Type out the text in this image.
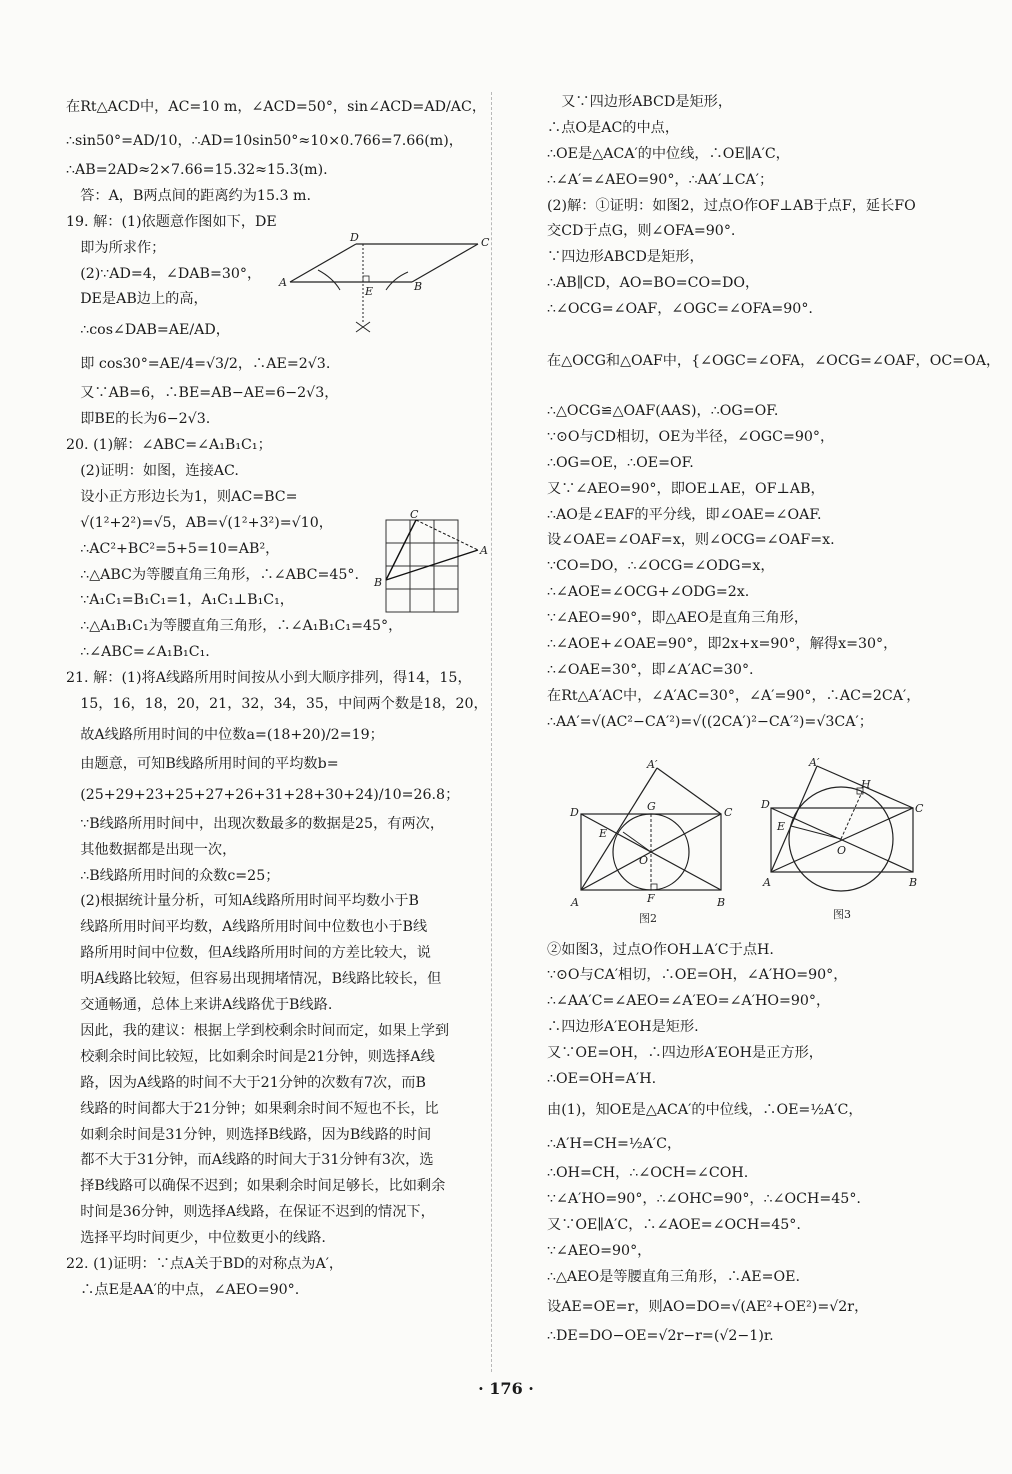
在Rt△ACD中，AC=10 m，∠ACD=50°，sin∠ACD=AD/AC，
∴sin50°=AD/10，∴AD=10sin50°≈10×0.766=7.66(m)，
∴AB=2AD≈2×7.66=15.32≈15.3(m).
答：A，B两点间的距离约为15.3 m.
19. 解：(1)依题意作图如下，DE
即为所求作；
(2)∵AD=4，∠DAB=30°，
DE是AB边上的高，
∴cos∠DAB=AE/AD，
即 cos30°=AE/4=√3/2，∴AE=2√3.
又∵AB=6，∴BE=AB−AE=6−2√3，
即BE的长为6−2√3.
20. (1)解：∠ABC=∠A₁B₁C₁；
(2)证明：如图，连接AC.
设小正方形边长为1，则AC=BC=
√(1²+2²)=√5，AB=√(1²+3²)=√10，
∴AC²+BC²=5+5=10=AB²，
∴△ABC为等腰直角三角形，∴∠ABC=45°.
∵A₁C₁=B₁C₁=1，A₁C₁⊥B₁C₁，
∴△A₁B₁C₁为等腰直角三角形，∴∠A₁B₁C₁=45°，
∴∠ABC=∠A₁B₁C₁.
21. 解：(1)将A线路所用时间按从小到大顺序排列，得14，15，
15，16，18，20，21，32，34，35，中间两个数是18，20，
故A线路所用时间的中位数a=(18+20)/2=19；
由题意，可知B线路所用时间的平均数b=
(25+29+23+25+27+26+31+28+30+24)/10=26.8；
∵B线路所用时间中，出现次数最多的数据是25，有两次，
其他数据都是出现一次，
∴B线路所用时间的众数c=25；
(2)根据统计量分析，可知A线路所用时间平均数小于B
线路所用时间平均数，A线路所用时间中位数也小于B线
路所用时间中位数，但A线路所用时间的方差比较大，说
明A线路比较短，但容易出现拥堵情况，B线路比较长，但
交通畅通，总体上来讲A线路优于B线路.
因此，我的建议：根据上学到校剩余时间而定，如果上学到
校剩余时间比较短，比如剩余时间是21分钟，则选择A线
路，因为A线路的时间不大于21分钟的次数有7次，而B
线路的时间都大于21分钟；如果剩余时间不短也不长，比
如剩余时间是31分钟，则选择B线路，因为B线路的时间
都不大于31分钟，而A线路的时间大于31分钟有3次，选
择B线路可以确保不迟到；如果剩余时间足够长，比如剩余
时间是36分钟，则选择A线路，在保证不迟到的情况下，
选择平均时间更少，中位数更小的线路.
22. (1)证明：∵点A关于BD的对称点为A′，
∴点E是AA′的中点，∠AEO=90°.
D	C
A
E	B
C
A
B
又∵四边形ABCD是矩形，
∴点O是AC的中点，
∴OE是△ACA′的中位线，∴OE∥A′C，
∴∠A′=∠AEO=90°，∴AA′⊥CA′；
(2)解：①证明：如图2，过点O作OF⊥AB于点F，延长FO
交CD于点G，则∠OFA=90°.
∵四边形ABCD是矩形，
∴AB∥CD，AO=BO=CO=DO，
∴∠OCG=∠OAF，∠OGC=∠OFA=90°.
在△OCG和△OAF中，{∠OGC=∠OFA，∠OCG=∠OAF，OC=OA，
∴△OCG≌△OAF(AAS)，∴OG=OF.
∵⊙O与CD相切，OE为半径，∠OGC=90°，
∴OG=OE，∴OE=OF.
又∵∠AEO=90°，即OE⊥AE，OF⊥AB，
∴AO是∠EAF的平分线，即∠OAE=∠OAF.
设∠OAE=∠OAF=x，则∠OCG=∠OAF=x.
∵CO=DO，∴∠OCG=∠ODG=x，
∴∠AOE=∠OCG+∠ODG=2x.
∵∠AEO=90°，即△AEO是直角三角形，
∴∠AOE+∠OAE=90°，即2x+x=90°，解得x=30°，
∴∠OAE=30°，即∠A′AC=30°.
在Rt△A′AC中，∠A′AC=30°，∠A′=90°，∴AC=2CA′，
∴AA′=√(AC²−CA′²)=√((2CA′)²−CA′²)=√3CA′；
②如图3，过点O作OH⊥A′C于点H.
∵⊙O与CA′相切，∴OE=OH，∠A′HO=90°，
∴∠AA′C=∠AEO=∠A′EO=∠A′HO=90°，
∴四边形A′EOH是矩形.
又∵OE=OH，∴四边形A′EOH是正方形，
∴OE=OH=A′H.
由(1)，知OE是△ACA′的中位线，∴OE=½A′C，
∴A′H=CH=½A′C，
∴OH=CH，∴∠OCH=∠COH.
∵∠A′HO=90°，∴∠OHC=90°，∴∠OCH=45°.
又∵OE∥A′C，∴∠AOE=∠OCH=45°.
∵∠AEO=90°，
∴△AEO是等腰直角三角形，∴AE=OE.
设AE=OE=r，则AO=DO=√(AE²+OE²)=√2r，
∴DE=DO−OE=√2r−r=(√2−1)r.
A′
G
D	C
E
O
A	F	B
图2
A′
H
D	C
E
O
A	B
图3
· 176 ·
